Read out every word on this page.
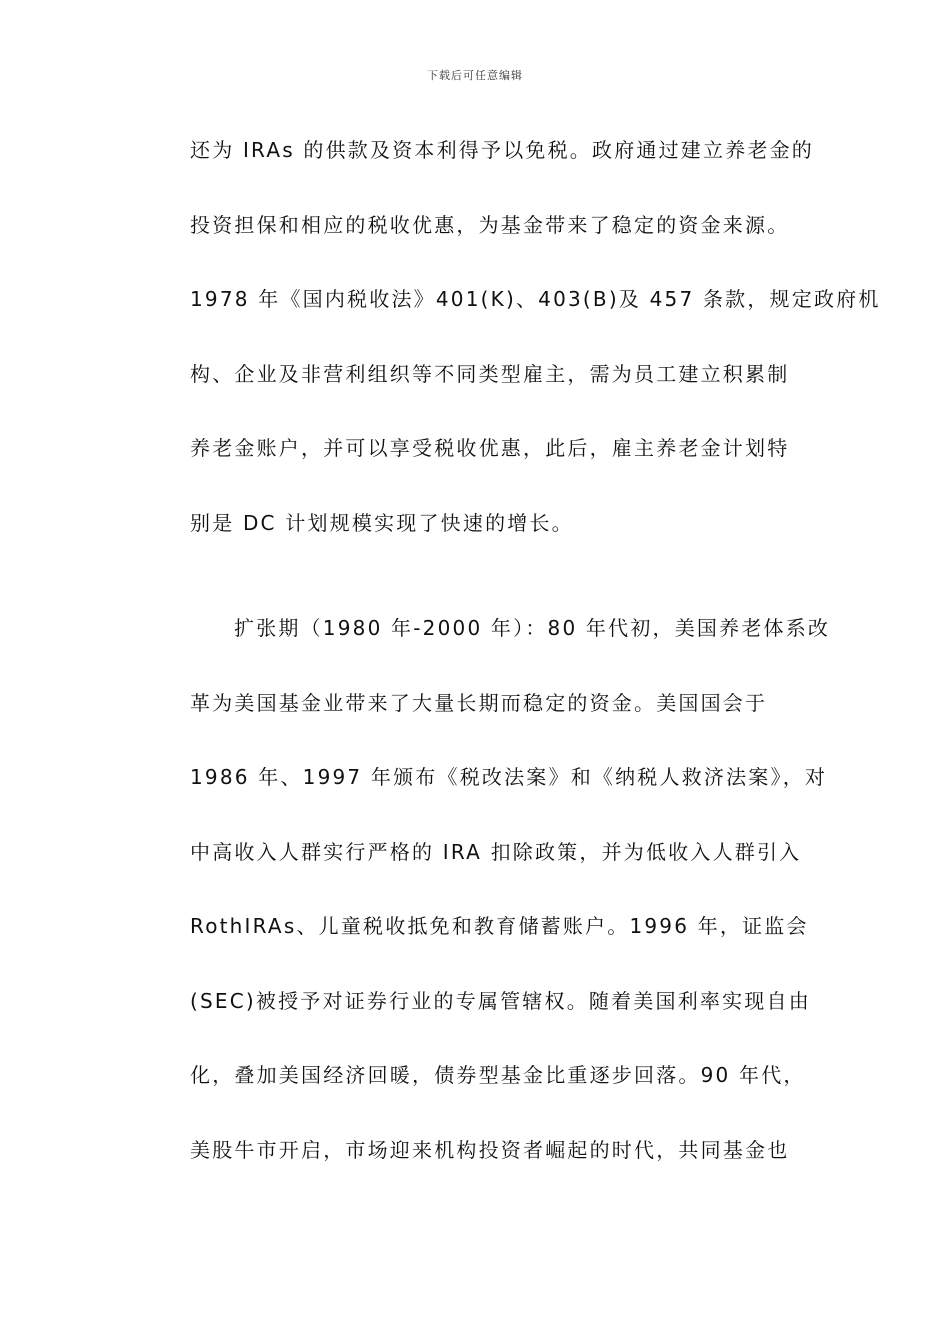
下载后可任意编辑
还为 IRAs 的供款及资本利得予以免税。政府通过建立养老金的
投资担保和相应的税收优惠，为基金带来了稳定的资金来源。
1978 年《国内税收法》401(K)、403(B)及 457 条款，规定政府机
构、企业及非营利组织等不同类型雇主，需为员工建立积累制
养老金账户，并可以享受税收优惠，此后，雇主养老金计划特
别是 DC 计划规模实现了快速的增长。
扩张期（1980 年-2000 年）：80 年代初，美国养老体系改
革为美国基金业带来了大量长期而稳定的资金。美国国会于
1986 年、1997 年颁布《税改法案》和《纳税人救济法案》，对
中高收入人群实行严格的 IRA 扣除政策，并为低收入人群引入
RothIRAs、儿童税收抵免和教育储蓄账户。1996 年，证监会
(SEC)被授予对证券行业的专属管辖权。随着美国利率实现自由
化，叠加美国经济回暖，债券型基金比重逐步回落。90 年代，
美股牛市开启，市场迎来机构投资者崛起的时代，共同基金也
